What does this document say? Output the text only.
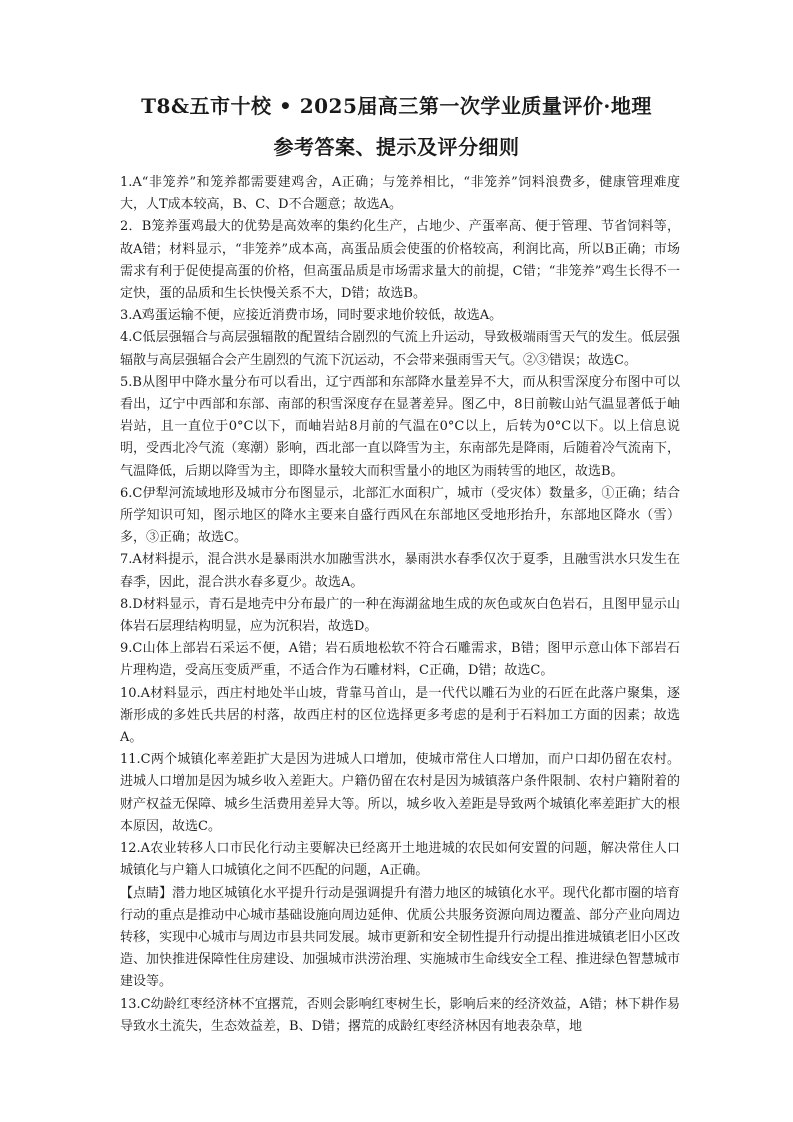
T8&五市十校 • 2025届高三第一次学业质量评价·地理
参考答案、提示及评分细则

1.A“非笼养”和笼养都需要建鸡舍，A正确；与笼养相比，“非笼养”饲料浪费多，健康管理难度大，人T成本较高，B、C、D不合题意；故选A。

2．B笼养蛋鸡最大的优势是高效率的集约化生产，占地少、产蛋率高、便于管理、节省饲料等，故A错；材料显示，“非笼养”成本高，高蛋品质会使蛋的价格较高，利润比高，所以B正确；市场需求有利于促使提高蛋的价格，但高蛋品质是市场需求量大的前提，C错；“非笼养”鸡生长得不一定快，蛋的品质和生长快慢关系不大，D错；故选B。

3.A鸡蛋运输不便，应接近消费市场，同时要求地价较低，故选A。

4.C低层强辐合与高层强辐散的配置结合剧烈的气流上升运动，导致极端雨雪天气的发生。低层强辐散与高层强辐合会产生剧烈的气流下沉运动，不会带来强雨雪天气。②③错误；故选C。

5.B从图甲中降水量分布可以看出，辽宁西部和东部降水量差异不大，而从积雪深度分布图中可以看出，辽宁中西部和东部、南部的积雪深度存在显著差异。图乙中，8日前鞍山站气温显著低于岫岩站，且一直位于0°C以下，而岫岩站8月前的气温在0°C以上，后转为0°C以下。以上信息说明，受西北冷气流（寒潮）影响，西北部一直以降雪为主，东南部先是降雨，后随着冷气流南下，气温降低，后期以降雪为主，即降水量较大而积雪量小的地区为雨转雪的地区，故选B。

6.C伊犁河流域地形及城市分布图显示，北部汇水面积广，城市（受灾体）数量多，①正确；结合所学知识可知，图示地区的降水主要来自盛行西风在东部地区受地形抬升，东部地区降水（雪）多，③正确；故选C。

7.A材料提示，混合洪水是暴雨洪水加融雪洪水，暴雨洪水春季仅次于夏季，且融雪洪水只发生在春季，因此，混合洪水春多夏少。故选A。

8.D材料显示，青石是地壳中分布最广的一种在海湖盆地生成的灰色或灰白色岩石，且图甲显示山体岩石层理结构明显，应为沉积岩，故选D。

9.C山体上部岩石采运不便，A错；岩石质地松软不符合石雕需求，B错；图甲示意山体下部岩石片理构造，受高压变质严重，不适合作为石雕材料，C正确，D错；故选C。

10.A材料显示，西庄村地处半山坡，背靠马首山，是一代代以雕石为业的石匠在此落户聚集，逐渐形成的多姓氏共居的村落，故西庄村的区位选择更多考虑的是利于石料加工方面的因素；故选A。

11.C两个城镇化率差距扩大是因为进城人口增加，使城市常住人口增加，而户口却仍留在农村。进城人口增加是因为城乡收入差距大。户籍仍留在农村是因为城镇落户条件限制、农村户籍附着的财产权益无保障、城乡生活费用差异大等。所以，城乡收入差距是导致两个城镇化率差距扩大的根本原因，故选C。

12.A农业转移人口市民化行动主要解决已经离开土地进城的农民如何安置的问题，解决常住人口城镇化与户籍人口城镇化之间不匹配的问题，A正确。

【点睛】潜力地区城镇化水平提升行动是强调提升有潜力地区的城镇化水平。现代化都市圈的培育行动的重点是推动中心城市基础设施向周边延伸、优质公共服务资源向周边覆盖、部分产业向周边转移，实现中心城市与周边市县共同发展。城市更新和安全韧性提升行动提出推进城镇老旧小区改造、加快推进保障性住房建设、加强城市洪涝治理、实施城市生命线安全工程、推进绿色智慧城市建设等。

13.C幼龄红枣经济林不宜撂荒，否则会影响红枣树生长，影响后来的经济效益，A错；林下耕作易导致水土流失，生态效益差，B、D错；撂荒的成龄红枣经济林因有地表杂草，地
